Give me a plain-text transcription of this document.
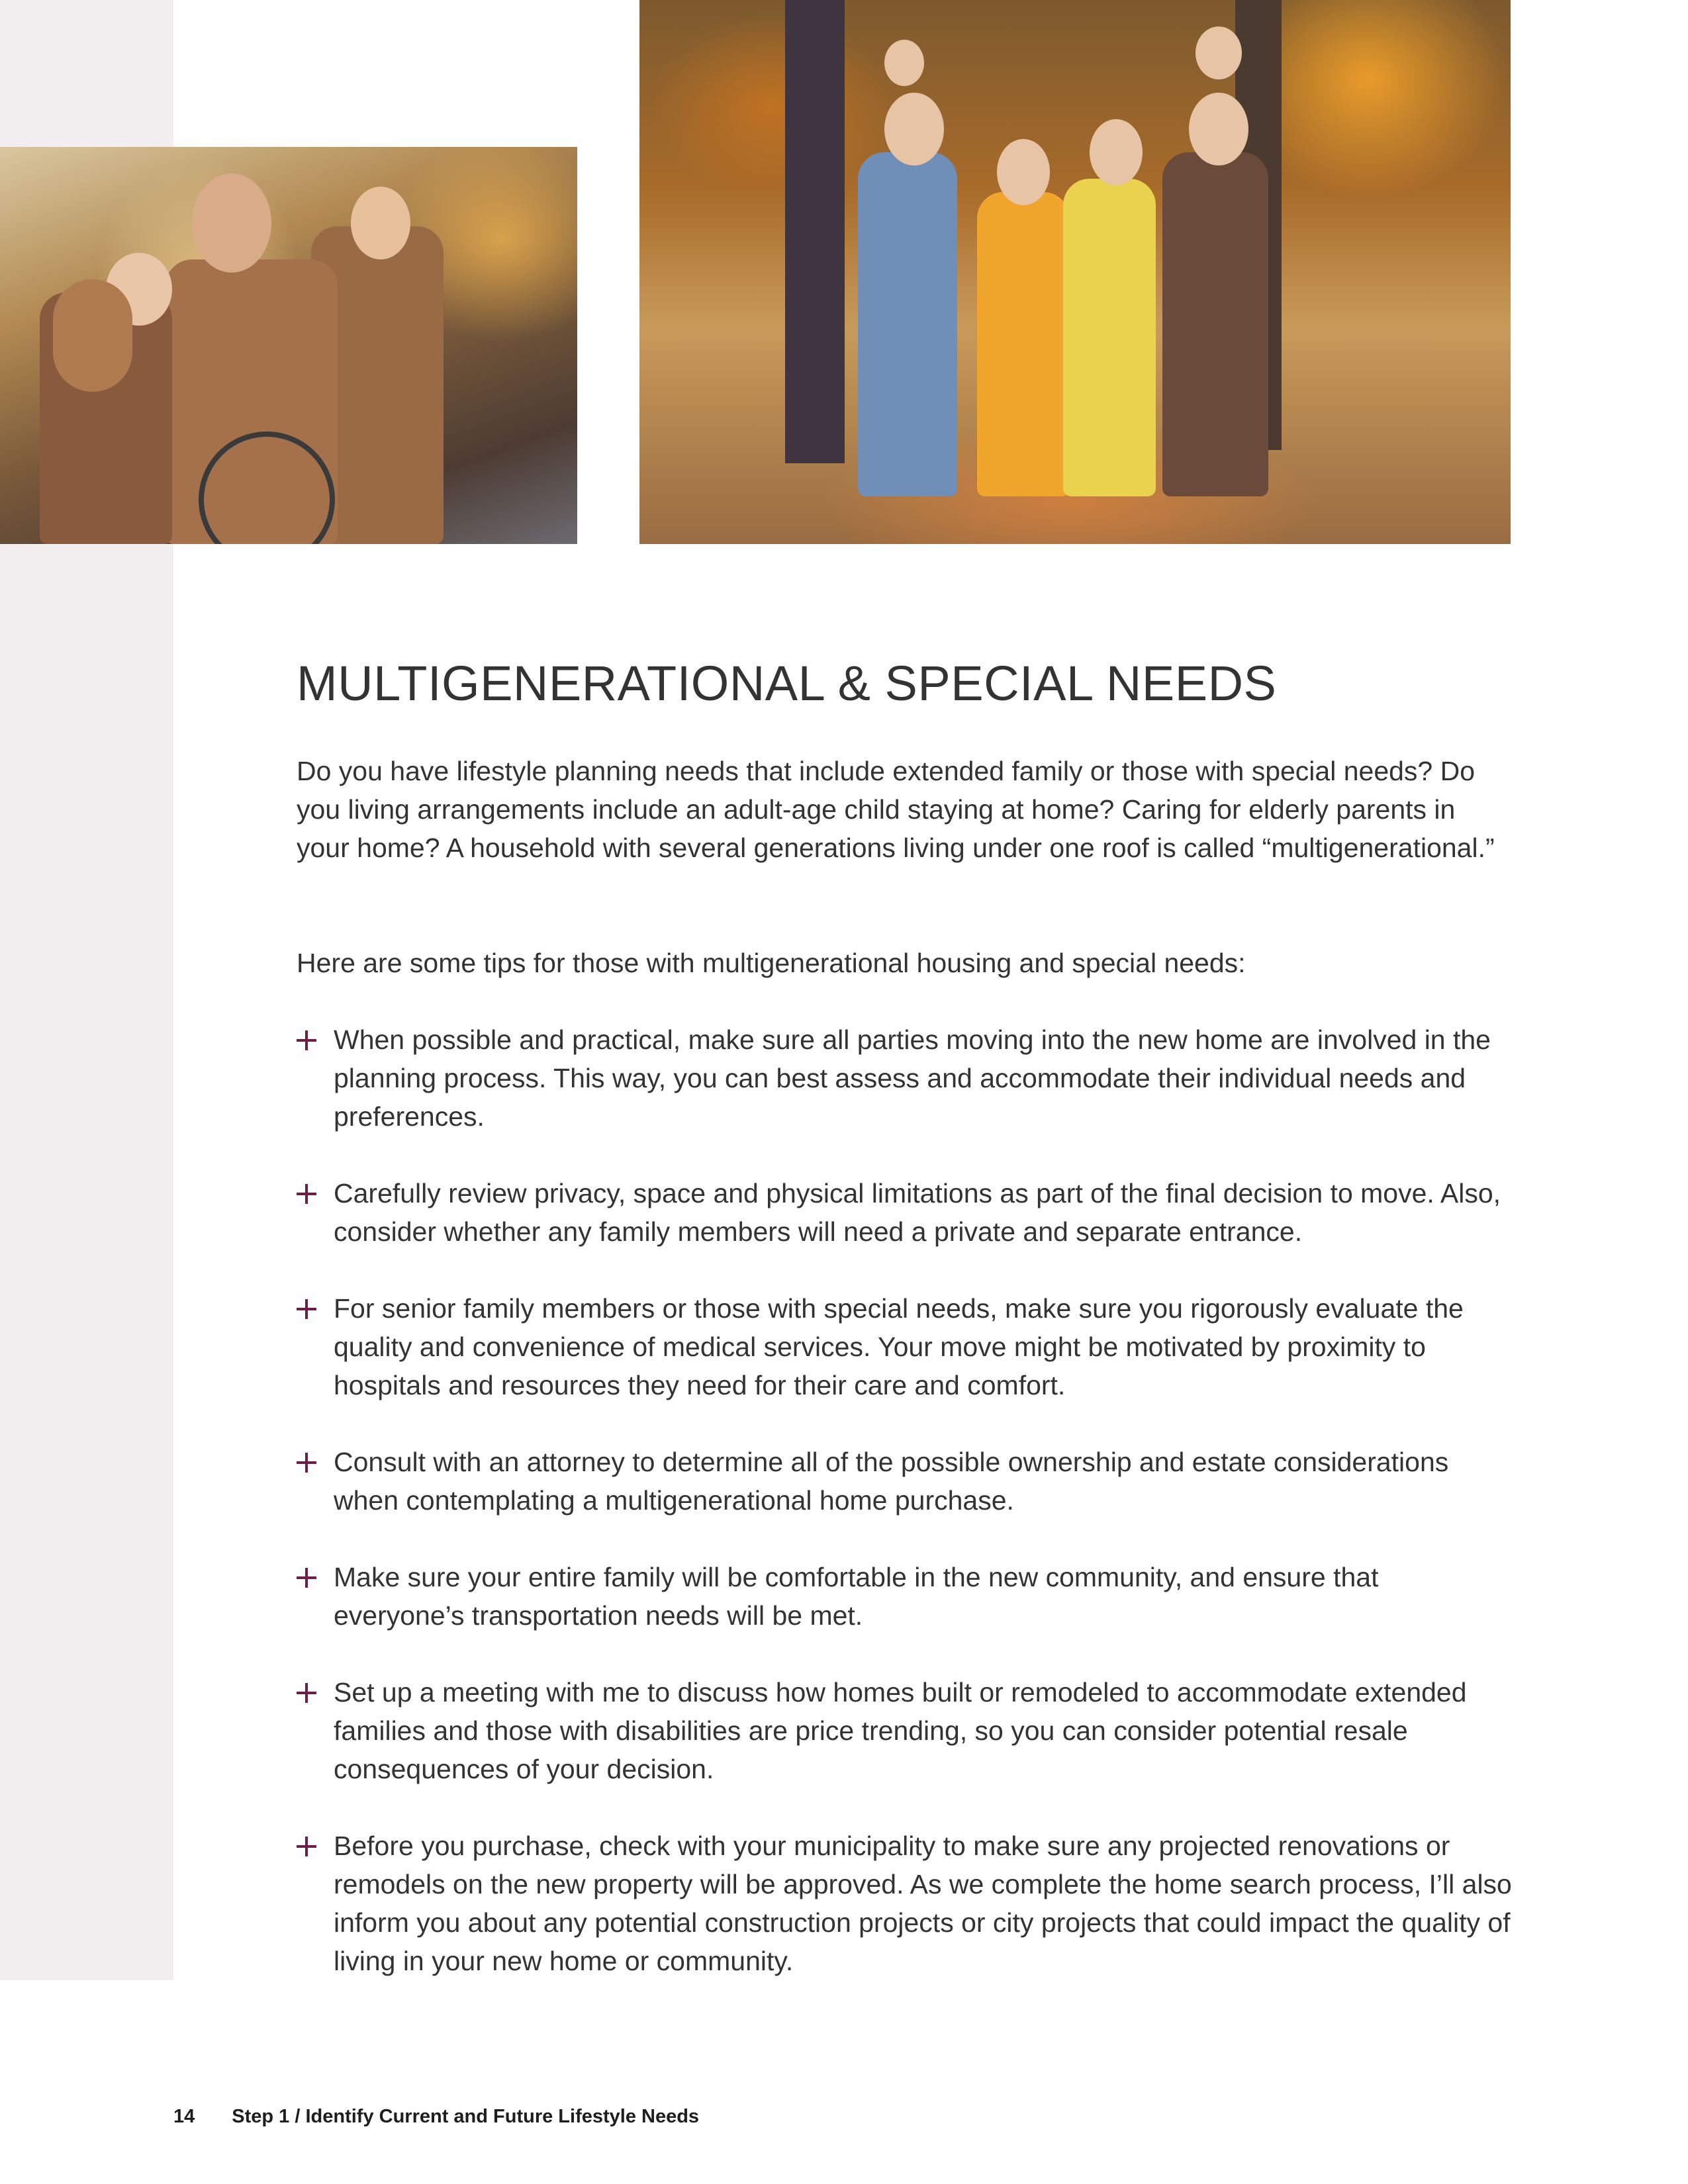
MULTIGENERATIONAL & SPECIAL NEEDS

Do you have lifestyle planning needs that include extended family or those with special needs? Do you living arrangements include an adult-age child staying at home? Caring for elderly parents in your home? A household with several generations living under one roof is called “multigenerational.”

Here are some tips for those with multigenerational housing and special needs:

When possible and practical, make sure all parties moving into the new home are involved in the planning process. This way, you can best assess and accommodate their individual needs and preferences.
Carefully review privacy, space and physical limitations as part of the final decision to move. Also, consider whether any family members will need a private and separate entrance.
For senior family members or those with special needs, make sure you rigorously evaluate the quality and convenience of medical services. Your move might be motivated by proximity to hospitals and resources they need for their care and comfort.
Consult with an attorney to determine all of the possible ownership and estate considerations when contemplating a multigenerational home purchase.
Make sure your entire family will be comfortable in the new community, and ensure that everyone’s transportation needs will be met.
Set up a meeting with me to discuss how homes built or remodeled to accommodate extended families and those with disabilities are price trending, so you can consider potential resale consequences of your decision.
Before you purchase, check with your municipality to make sure any projected renovations or remodels on the new property will be approved. As we complete the home search process, I’ll also inform you about any potential construction projects or city projects that could impact the quality of living in your new home or community.
14 Step 1 / Identify Current and Future Lifestyle Needs
